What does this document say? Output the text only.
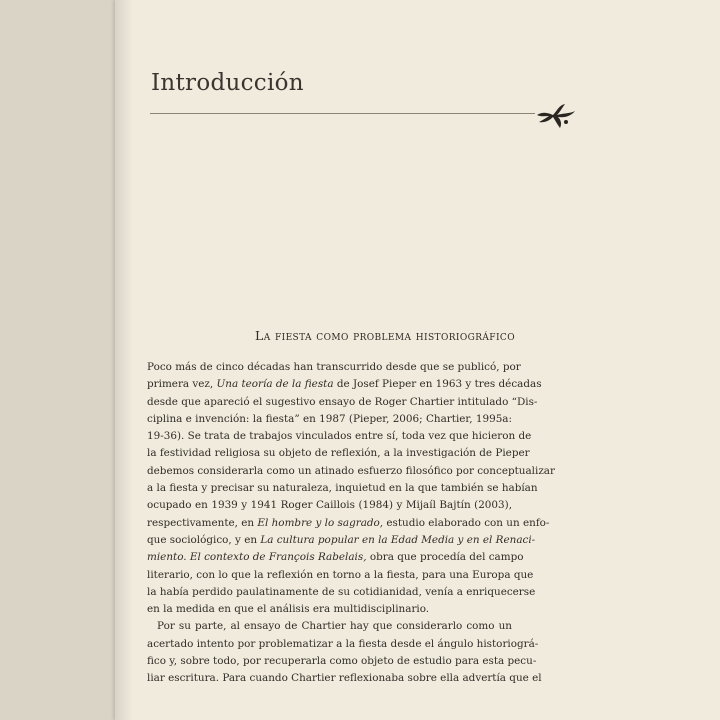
Introducción
La fiesta como problema historiográfico
Poco más de cinco décadas han transcurrido desde que se publicó, por
primera vez, Una teoría de la fiesta de Josef Pieper en 1963 y tres décadas
desde que apareció el sugestivo ensayo de Roger Chartier intitulado “Dis-
ciplina e invención: la fiesta” en 1987 (Pieper, 2006; Chartier, 1995a:
19-36). Se trata de trabajos vinculados entre sí, toda vez que hicieron de
la festividad religiosa su objeto de reflexión, a la investigación de Pieper
debemos considerarla como un atinado esfuerzo filosófico por conceptualizar
a la fiesta y precisar su naturaleza, inquietud en la que también se habían
ocupado en 1939 y 1941 Roger Caillois (1984) y Mijaíl Bajtín (2003),
respectivamente, en El hombre y lo sagrado, estudio elaborado con un enfo-
que sociológico, y en La cultura popular en la Edad Media y en el Renaci-
miento. El contexto de François Rabelais, obra que procedía del campo
literario, con lo que la reflexión en torno a la fiesta, para una Europa que
la había perdido paulatinamente de su cotidianidad, venía a enriquecerse
en la medida en que el análisis era multidisciplinario.
Por su parte, al ensayo de Chartier hay que considerarlo como un
acertado intento por problematizar a la fiesta desde el ángulo historiográ-
fico y, sobre todo, por recuperarla como objeto de estudio para esta pecu-
liar escritura. Para cuando Chartier reflexionaba sobre ella advertía que el
